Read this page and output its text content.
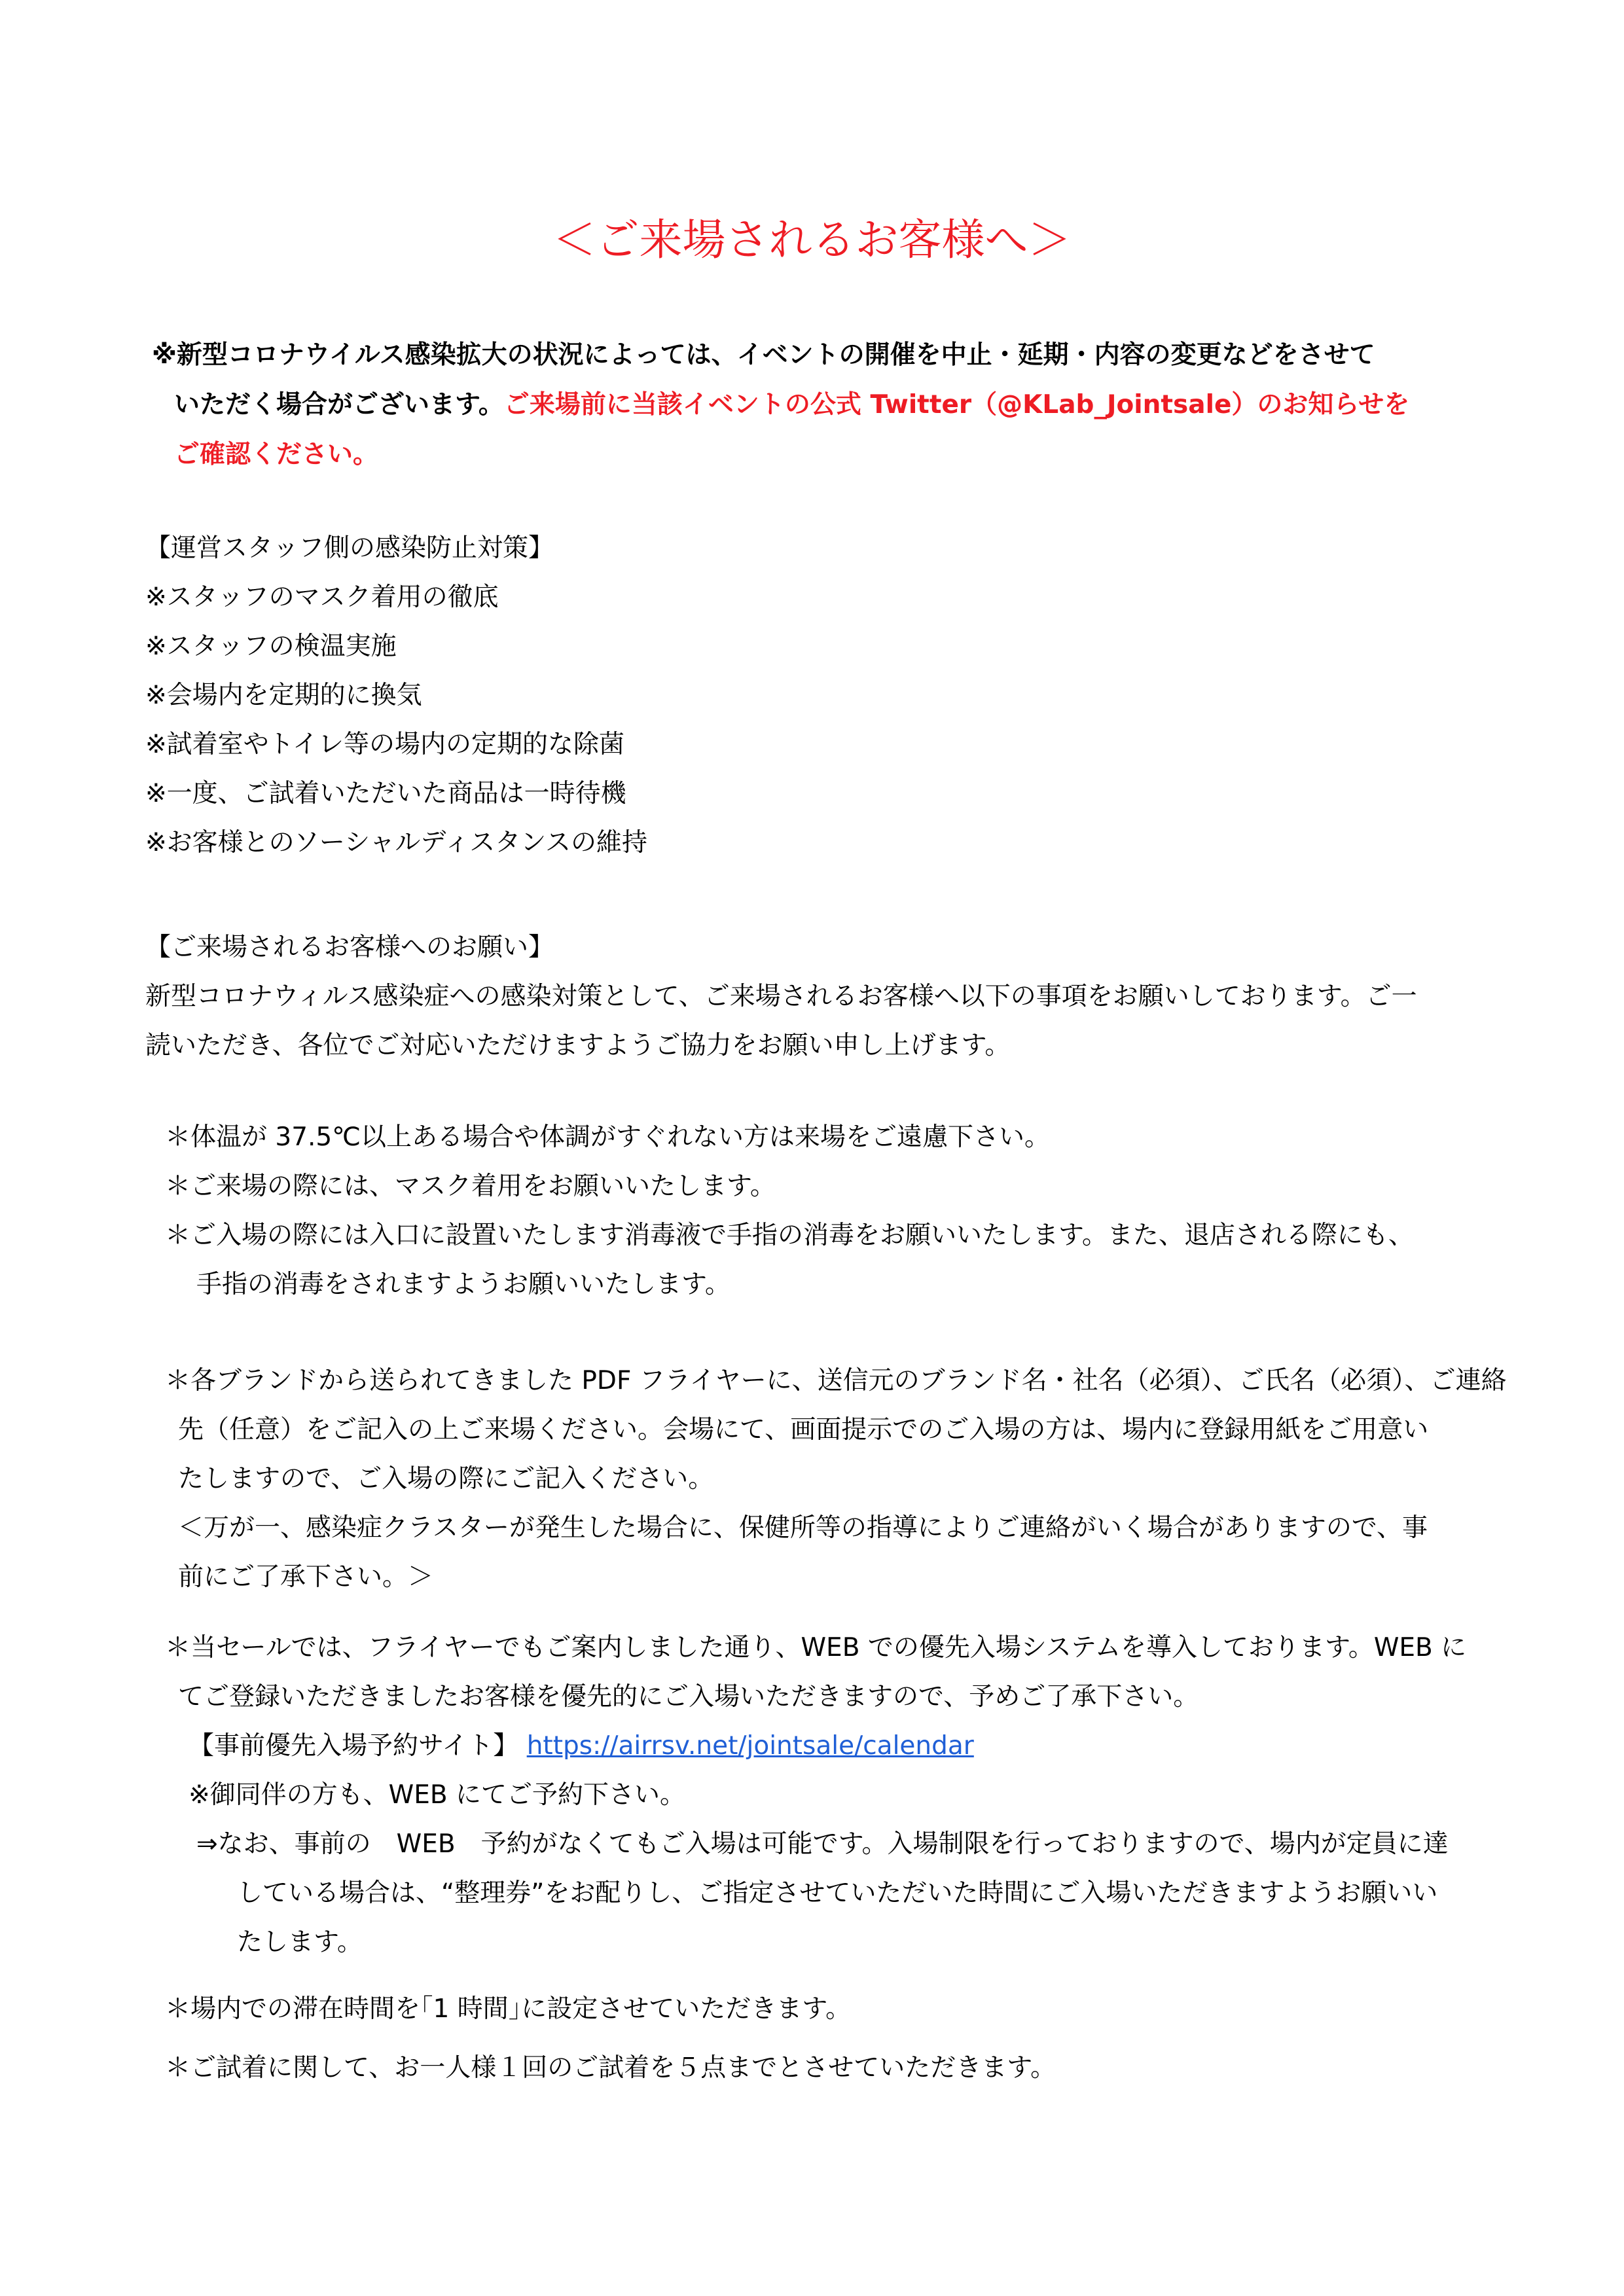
＜ご来場されるお客様へ＞
※新型コロナウイルス感染拡大の状況によっては、イベントの開催を中止・延期・内容の変更などをさせて
いただく場合がございます。ご来場前に当該イベントの公式 Twitter（@KLab_Jointsale）のお知らせを
ご確認ください。
【運営スタッフ側の感染防止対策】
※スタッフのマスク着用の徹底
※スタッフの検温実施
※会場内を定期的に換気
※試着室やトイレ等の場内の定期的な除菌
※一度、ご試着いただいた商品は一時待機
※お客様とのソーシャルディスタンスの維持
【ご来場されるお客様へのお願い】
新型コロナウィルス感染症への感染対策として、ご来場されるお客様へ以下の事項をお願いしております。ご一
読いただき、各位でご対応いただけますようご協力をお願い申し上げます。
＊体温が 37.5℃以上ある場合や体調がすぐれない方は来場をご遠慮下さい。
＊ご来場の際には、マスク着用をお願いいたします。
＊ご入場の際には入口に設置いたします消毒液で手指の消毒をお願いいたします。また、退店される際にも、
手指の消毒をされますようお願いいたします。
＊各ブランドから送られてきました PDF フライヤーに、送信元のブランド名・社名（必須）、ご氏名（必須）、ご連絡
先（任意）をご記入の上ご来場ください。会場にて、画面提示でのご入場の方は、場内に登録用紙をご用意い
たしますので、ご入場の際にご記入ください。
＜万が一、感染症クラスターが発生した場合に、保健所等の指導によりご連絡がいく場合がありますので、事
前にご了承下さい。＞
＊当セールでは、フライヤーでもご案内しました通り、WEB での優先入場システムを導入しております。WEB に
てご登録いただきましたお客様を優先的にご入場いただきますので、予めご了承下さい。
【事前優先入場予約サイト】 https://airrsv.net/jointsale/calendar
※御同伴の方も、WEB にてご予約下さい。
⇒なお、事前の　WEB　予約がなくてもご入場は可能です。入場制限を行っておりますので、場内が定員に達
している場合は、“整理券”をお配りし、ご指定させていただいた時間にご入場いただきますようお願いい
たします。
＊場内での滞在時間を｢1 時間｣に設定させていただきます。
＊ご試着に関して、お一人様１回のご試着を５点までとさせていただきます。
